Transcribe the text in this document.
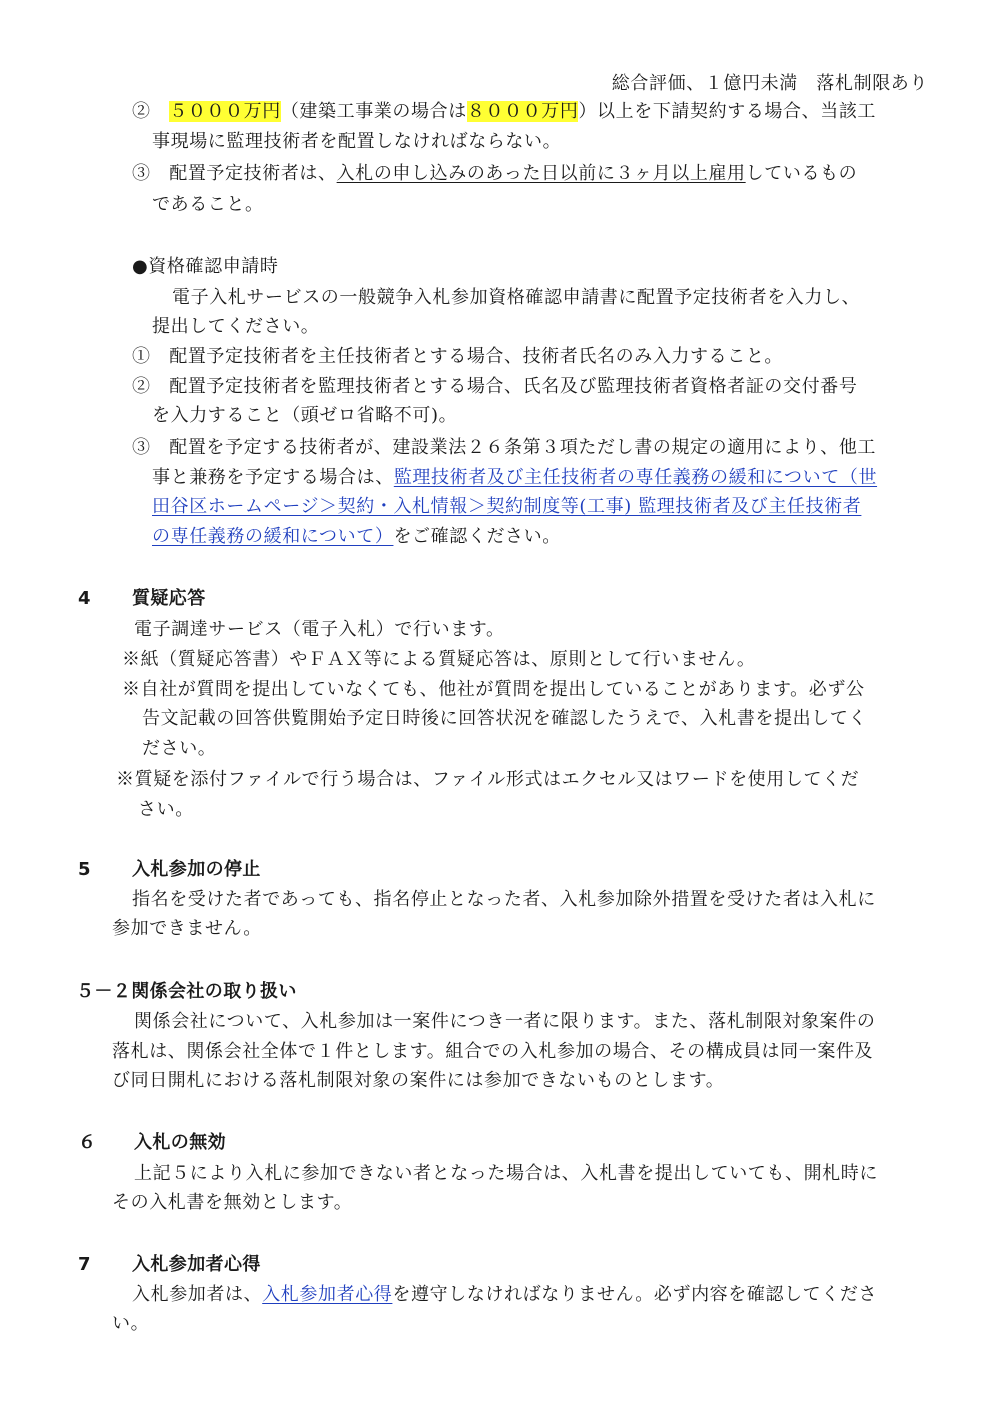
総合評価、１億円未満　落札制限あり
②　 ５０００万円（建築工事業の場合は８０００万円）以上を下請契約する場合、当該工
事現場に監理技術者を配置しなければならない。
③　 配置予定技術者は、入札の申し込みのあった日以前に３ヶ月以上雇用しているもの
であること。
●資格確認申請時
電子入札サービスの一般競争入札参加資格確認申請書に配置予定技術者を入力し、
提出してください。
①　 配置予定技術者を主任技術者とする場合、技術者氏名のみ入力すること。
②　 配置予定技術者を監理技術者とする場合、氏名及び監理技術者資格者証の交付番号
を入力すること（頭ゼロ省略不可)。
③　 配置を予定する技術者が、建設業法２６条第３項ただし書の規定の適用により、他工
事と兼務を予定する場合は、監理技術者及び主任技術者の専任義務の緩和について（世
田谷区ホームページ＞契約・入札情報＞契約制度等(工事) 監理技術者及び主任技術者
の専任義務の緩和について）をご確認ください。
4 質疑応答
電子調達サービス（電子入札）で行います。
※紙（質疑応答書）やＦＡＸ等による質疑応答は、原則として行いません。
※自社が質問を提出していなくても、他社が質問を提出していることがあります。必ず公
告文記載の回答供覧開始予定日時後に回答状況を確認したうえで、入札書を提出してく
ださい。
※質疑を添付ファイルで行う場合は、ファイル形式はエクセル又はワードを使用してくだ
さい。
5 入札参加の停止
指名を受けた者であっても、指名停止となった者、入札参加除外措置を受けた者は入札に
参加できません。
５－２関係会社の取り扱い
関係会社について、入札参加は一案件につき一者に限ります。また、落札制限対象案件の
落札は、関係会社全体で１件とします。組合での入札参加の場合、その構成員は同一案件及
び同日開札における落札制限対象の案件には参加できないものとします。
６ 入札の無効
上記５により入札に参加できない者となった場合は、入札書を提出していても、開札時に
その入札書を無効とします。
7 入札参加者心得
入札参加者は、入札参加者心得を遵守しなければなりません。必ず内容を確認してくださ
い。
